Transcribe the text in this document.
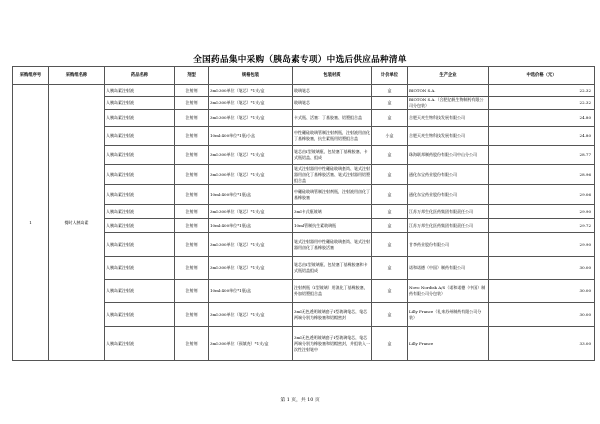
全国药品集中采购（胰岛素专项）中选后供应品种清单
采购组序号	采购组名称	药品名称	剂型	规格包装	包装材质	计价单位	生产企业	中选价格（元）
1	餐时人胰岛素	人胰岛素注射液	注射剂	3ml:300单位（笔芯）*1支/盒	玻璃笔芯	盒	BIOTON S.A.	22.32
		人胰岛素注射液	注射剂	3ml:300单位（笔芯）*1支/盒	玻璃笔芯	盒	BIOTON S.A.（合肥亿帆生物制药有限公司分包装）	22.32
		人胰岛素注射液	注射剂	3ml:300单位（笔芯）*1支/盒	卡式瓶、活塞：丁基胶塞、铝塑组合盖	盒	合肥天麦生物科技发展有限公司	24.80
		人胰岛素注射液	注射剂	10ml:400单位*1瓶/小盒	中性硼硅玻璃管制注射剂瓶，注射液用卤化丁基橡胶塞，抗生素瓶用铝塑组合盖	小盒	合肥天麦生物科技发展有限公司	24.80
		人胰岛素注射液	注射剂	3ml:300单位（笔芯）*1支/盒	笔芯由Ⅰ型玻璃瓶、包装塞丁基橡胶塞、卡式瓶铝盖、组成	盒	珠海联邦制药股份有限公司中山分公司	28.77
		人胰岛素注射液	注射剂	3ml:300单位（笔芯）*1支/盒	笔式注射器用中性硼硅玻璃套筒、笔式注射器用卤化丁基橡胶活塞、笔式注射器用铝塑组合盖	盒	通化东宝药业股份有限公司	28.96
		人胰岛素注射液	注射剂	10ml:400单位*1瓶/盒	中硼硅玻璃管制注射剂瓶，注射液用卤化丁基橡胶塞	盒	通化东宝药业股份有限公司	29.06
		人胰岛素注射液	注射剂	3ml:300单位（笔芯）*1支/盒	3ml卡式瓶玻璃	盒	江苏万邦生化医药集团有限责任公司	29.90
		人胰岛素注射液	注射剂	10ml:400单位*1瓶/盒	10ml管制抗生素玻璃瓶	盒	江苏万邦生化医药集团有限责任公司	29.72
		人胰岛素注射液	注射剂	3ml:300单位（笔芯）*1支/盒	笔式注射器用中性硼硅玻璃套筒、笔式注射器用卤化丁基橡胶活塞	盒	甘李药业股份有限公司	29.90
		人胰岛素注射液	注射剂	3ml:300单位（笔芯）*1支/盒	笔芯由Ⅰ型玻璃瓶、包装塞丁基橡胶塞和卡式瓶铝盖组成	盒	诺和诺德（中国）制药有限公司	30.00
		人胰岛素注射液	注射剂	10ml:400单位*1瓶/盒	注射剂瓶（I型玻璃）用溴化丁基橡胶塞，外加铝塑组合盖	盒	Novo Nordisk A/S（诺和诺德（中国）制药有限公司分包装）	30.00
		人胰岛素注射液	注射剂	3ml:300单位（笔芯）*1支/盒	3ml无色透明玻璃套子Ⅰ型玻璃笔芯，笔芯两端分别为橡胶塞和铝帽密封	盒	Lilly France（礼来苏州制药有限公司分装）	30.00
		人胰岛素注射液	注射剂	3ml:300单位（预填充）*1支/盒	3ml无色透明玻璃套子Ⅰ型玻璃笔芯，笔芯两端分别为橡胶塞和铝帽密封，并组装入一次性注射笔中	盒	Lilly France	33.00
第 1 页，共 10 页
